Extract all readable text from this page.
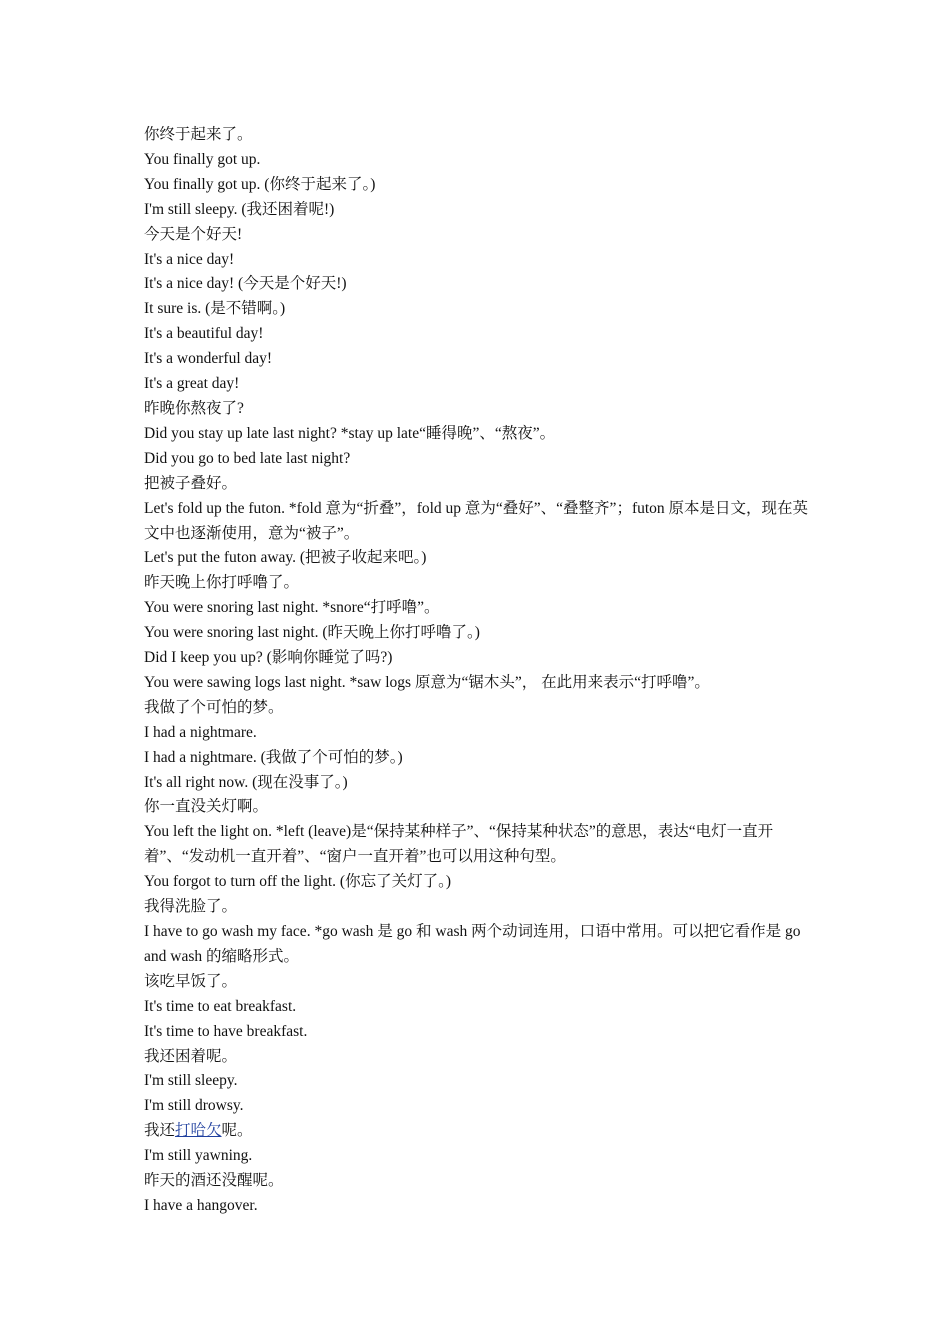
你终于起来了。

You finally got up.

You finally got up. (你终于起来了。)

I'm still sleepy. (我还困着呢!)

今天是个好天!

It's a nice day!

It's a nice day! (今天是个好天!)

It sure is. (是不错啊。)

It's a beautiful day!

It's a wonderful day!

It's a great day!

昨晚你熬夜了?

Did you stay up late last night? *stay up late“睡得晚”、“熬夜”。

Did you go to bed late last night?

把被子叠好。

Let's fold up the futon. *fold 意为“折叠”，fold up 意为“叠好”、“叠整齐”；futon 原本是日文，现在英文中也逐渐使用，意为“被子”。

Let's put the futon away. (把被子收起来吧。)

昨天晚上你打呼噜了。

You were snoring last night. *snore“打呼噜”。

You were snoring last night. (昨天晚上你打呼噜了。)

Did I keep you up? (影响你睡觉了吗?)

You were sawing logs last night. *saw logs 原意为“锯木头”， 在此用来表示“打呼噜”。

我做了个可怕的梦。

I had a nightmare.

I had a nightmare. (我做了个可怕的梦。)

It's all right now. (现在没事了。)

你一直没关灯啊。

You left the light on. *left (leave)是“保持某种样子”、“保持某种状态”的意思，表达“电灯一直开着”、“发动机一直开着”、“窗户一直开着”也可以用这种句型。

You forgot to turn off the light. (你忘了关灯了。)

我得洗脸了。

I have to go wash my face. *go wash 是 go 和 wash 两个动词连用，口语中常用。可以把它看作是 go and wash 的缩略形式。

该吃早饭了。

It's time to eat breakfast.

It's time to have breakfast.

我还困着呢。

I'm still sleepy.

I'm still drowsy.

我还打哈欠呢。

I'm still yawning.

昨天的酒还没醒呢。

I have a hangover.
